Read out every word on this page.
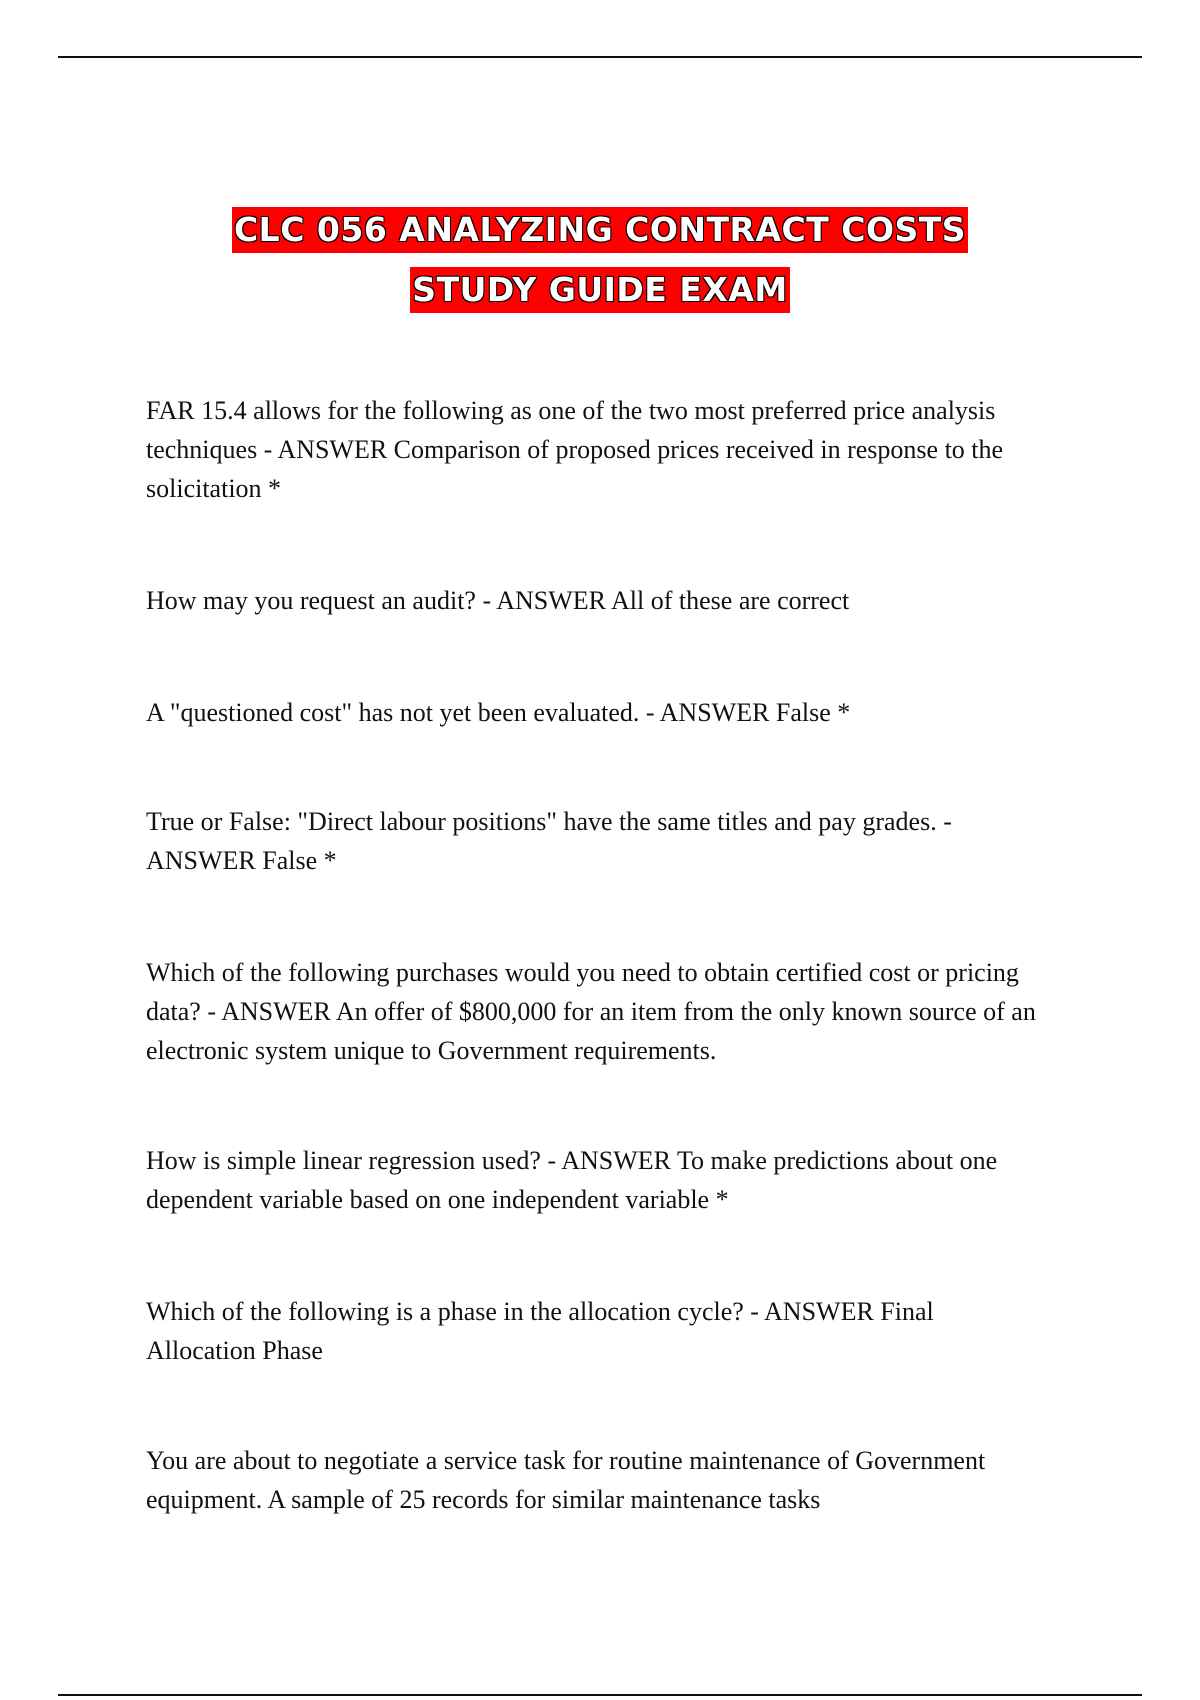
CLC 056 ANALYZING CONTRACT COSTS
STUDY GUIDE EXAM

FAR 15.4 allows for the following as one of the two most preferred price analysis techniques - ANSWER Comparison of proposed prices received in response to the solicitation *

How may you request an audit? - ANSWER All of these are correct

A "questioned cost" has not yet been evaluated. - ANSWER False *

True or False: "Direct labour positions" have the same titles and pay grades. - ANSWER False *

Which of the following purchases would you need to obtain certified cost or pricing data? - ANSWER An offer of $800,000 for an item from the only known source of an electronic system unique to Government requirements.

How is simple linear regression used? - ANSWER To make predictions about one dependent variable based on one independent variable *

Which of the following is a phase in the allocation cycle? - ANSWER Final Allocation Phase

You are about to negotiate a service task for routine maintenance of Government equipment. A sample of 25 records for similar maintenance tasks
